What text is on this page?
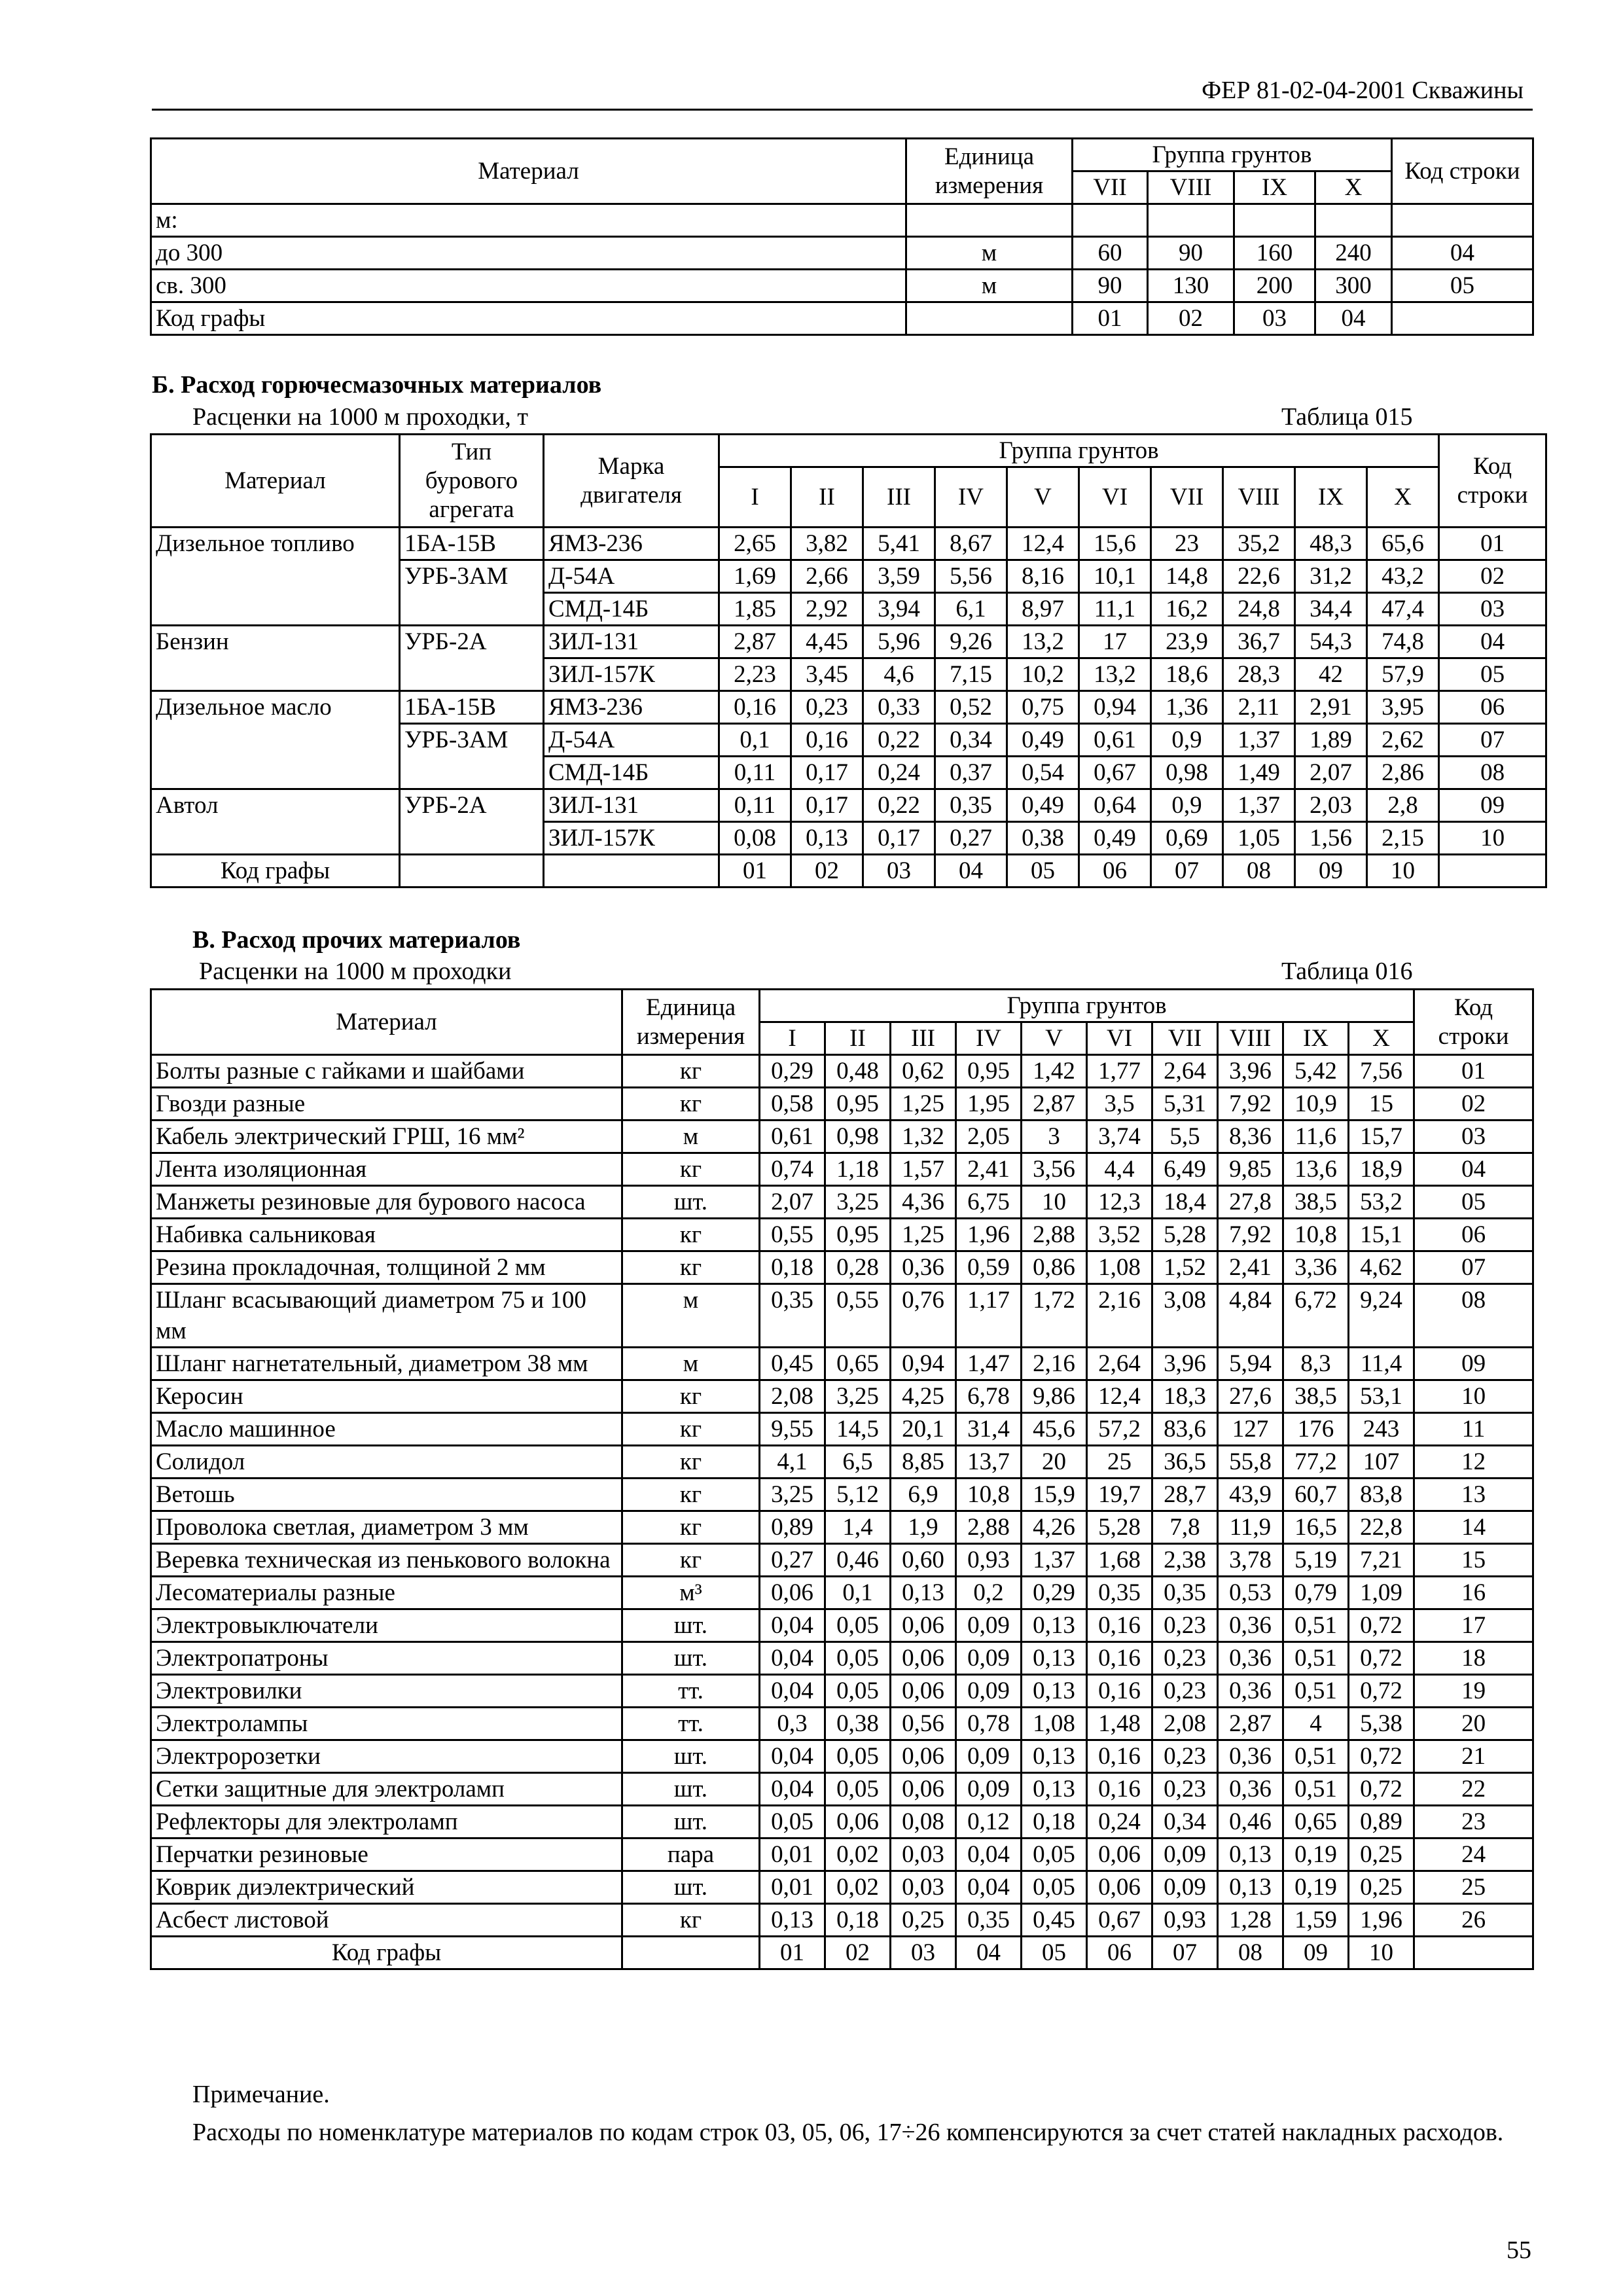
ФЕР 81-02-04-2001 Скважины
Материал	Единица измерения	Группа грунтов				Код строки
		VII	VIII	IX	X	
м:						
до 300	м	60	90	160	240	04
св. 300	м	90	130	200	300	05
Код графы		01	02	03	04	
Б. Расход горючесмазочных материалов
Расценки на 1000 м проходки, т	Таблица 015
Материал	Тип бурового агрегата	Марка двигателя	Группа грунтов										Код строки
			I	II	III	IV	V	VI	VII	VIII	IX	X	
Дизельное топливо	1БА-15В	ЯМЗ-236	2,65	3,82	5,41	8,67	12,4	15,6	23	35,2	48,3	65,6	01
	УРБ-3АМ	Д-54А	1,69	2,66	3,59	5,56	8,16	10,1	14,8	22,6	31,2	43,2	02
		СМД-14Б	1,85	2,92	3,94	6,1	8,97	11,1	16,2	24,8	34,4	47,4	03
Бензин	УРБ-2А	ЗИЛ-131	2,87	4,45	5,96	9,26	13,2	17	23,9	36,7	54,3	74,8	04
		ЗИЛ-157К	2,23	3,45	4,6	7,15	10,2	13,2	18,6	28,3	42	57,9	05
Дизельное масло	1БА-15В	ЯМЗ-236	0,16	0,23	0,33	0,52	0,75	0,94	1,36	2,11	2,91	3,95	06
	УРБ-3АМ	Д-54А	0,1	0,16	0,22	0,34	0,49	0,61	0,9	1,37	1,89	2,62	07
		СМД-14Б	0,11	0,17	0,24	0,37	0,54	0,67	0,98	1,49	2,07	2,86	08
Автол	УРБ-2А	ЗИЛ-131	0,11	0,17	0,22	0,35	0,49	0,64	0,9	1,37	2,03	2,8	09
		ЗИЛ-157К	0,08	0,13	0,17	0,27	0,38	0,49	0,69	1,05	1,56	2,15	10
Код графы			01	02	03	04	05	06	07	08	09	10	
В. Расход прочих материалов
Расценки на 1000 м проходки	Таблица 016
Материал	Единица измерения	Группа грунтов										Код строки
		I	II	III	IV	V	VI	VII	VIII	IX	X	
Болты разные с гайками и шайбами	кг	0,29	0,48	0,62	0,95	1,42	1,77	2,64	3,96	5,42	7,56	01
Гвозди разные	кг	0,58	0,95	1,25	1,95	2,87	3,5	5,31	7,92	10,9	15	02
Кабель электрический ГРШ, 16 мм²	м	0,61	0,98	1,32	2,05	3	3,74	5,5	8,36	11,6	15,7	03
Лента изоляционная	кг	0,74	1,18	1,57	2,41	3,56	4,4	6,49	9,85	13,6	18,9	04
Манжеты резиновые для бурового насоса	шт.	2,07	3,25	4,36	6,75	10	12,3	18,4	27,8	38,5	53,2	05
Набивка сальниковая	кг	0,55	0,95	1,25	1,96	2,88	3,52	5,28	7,92	10,8	15,1	06
Резина прокладочная, толщиной 2 мм	кг	0,18	0,28	0,36	0,59	0,86	1,08	1,52	2,41	3,36	4,62	07
Шланг всасывающий диаметром 75 и 100 мм	м	0,35	0,55	0,76	1,17	1,72	2,16	3,08	4,84	6,72	9,24	08
Шланг нагнетательный, диаметром 38 мм	м	0,45	0,65	0,94	1,47	2,16	2,64	3,96	5,94	8,3	11,4	09
Керосин	кг	2,08	3,25	4,25	6,78	9,86	12,4	18,3	27,6	38,5	53,1	10
Масло машинное	кг	9,55	14,5	20,1	31,4	45,6	57,2	83,6	127	176	243	11
Солидол	кг	4,1	6,5	8,85	13,7	20	25	36,5	55,8	77,2	107	12
Ветошь	кг	3,25	5,12	6,9	10,8	15,9	19,7	28,7	43,9	60,7	83,8	13
Проволока светлая, диаметром 3 мм	кг	0,89	1,4	1,9	2,88	4,26	5,28	7,8	11,9	16,5	22,8	14
Веревка техническая из пенькового волокна	кг	0,27	0,46	0,60	0,93	1,37	1,68	2,38	3,78	5,19	7,21	15
Лесоматериалы разные	м³	0,06	0,1	0,13	0,2	0,29	0,35	0,35	0,53	0,79	1,09	16
Электровыключатели	шт.	0,04	0,05	0,06	0,09	0,13	0,16	0,23	0,36	0,51	0,72	17
Электропатроны	шт.	0,04	0,05	0,06	0,09	0,13	0,16	0,23	0,36	0,51	0,72	18
Электровилки	тт.	0,04	0,05	0,06	0,09	0,13	0,16	0,23	0,36	0,51	0,72	19
Электролампы	тт.	0,3	0,38	0,56	0,78	1,08	1,48	2,08	2,87	4	5,38	20
Электророзетки	шт.	0,04	0,05	0,06	0,09	0,13	0,16	0,23	0,36	0,51	0,72	21
Сетки защитные для электроламп	шт.	0,04	0,05	0,06	0,09	0,13	0,16	0,23	0,36	0,51	0,72	22
Рефлекторы для электроламп	шт.	0,05	0,06	0,08	0,12	0,18	0,24	0,34	0,46	0,65	0,89	23
Перчатки резиновые	пара	0,01	0,02	0,03	0,04	0,05	0,06	0,09	0,13	0,19	0,25	24
Коврик диэлектрический	шт.	0,01	0,02	0,03	0,04	0,05	0,06	0,09	0,13	0,19	0,25	25
Асбест листовой	кг	0,13	0,18	0,25	0,35	0,45	0,67	0,93	1,28	1,59	1,96	26
Код графы		01	02	03	04	05	06	07	08	09	10	
Примечание.
Расходы по номенклатуре материалов по кодам строк 03, 05, 06, 17÷26 компенсируются за счет статей накладных расходов.
55
